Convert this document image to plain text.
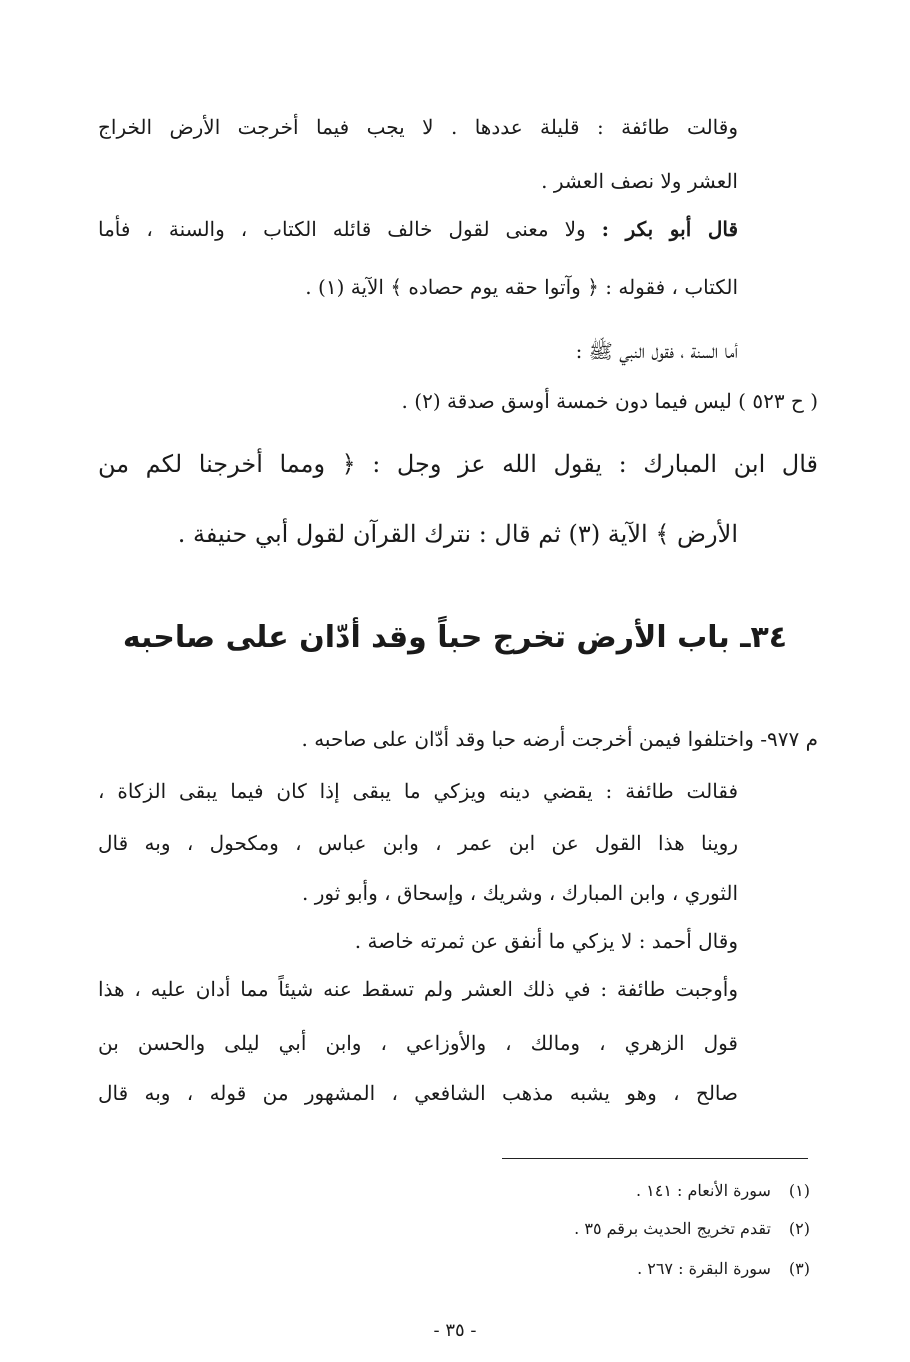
وقالت طائفة : قليلة عددها . لا يجب فيما أخرجت الأرض الخراج
العشر ولا نصف العشر .
قال أبو بكر : ولا معنى لقول خالف قائله الكتاب ، والسنة ، فأما
الكتاب ، فقوله : ﴿ وآتوا حقه يوم حصاده ﴾ الآية (١) .
أما السنة ، فقول النبي ﷺ :
( ح ٥٢٣ ) ليس فيما دون خمسة أوسق صدقة (٢) .
قال ابن المبارك : يقول الله عز وجل : ﴿ ومما أخرجنا لكم من
الأرض ﴾ الآية (٣) ثم قال : نترك القرآن لقول أبي حنيفة .
٣٤ـ باب الأرض تخرج حباً وقد أدّان على صاحبه
م ٩٧٧- واختلفوا فيمن أخرجت أرضه حبا وقد أدّان على صاحبه .
فقالت طائفة : يقضي دينه ويزكي ما يبقى إذا كان فيما يبقى الزكاة ،
روينا هذا القول عن ابن عمر ، وابن عباس ، ومكحول ، وبه قال
الثوري ، وابن المبارك ، وشريك ، وإسحاق ، وأبو ثور .
وقال أحمد : لا يزكي ما أنفق عن ثمرته خاصة .
وأوجبت طائفة : في ذلك العشر ولم تسقط عنه شيئاً مما أدان عليه ، هذا
قول الزهري ، ومالك ، والأوزاعي ، وابن أبي ليلى والحسن بن
صالح ، وهو يشبه مذهب الشافعي ، المشهور من قوله ، وبه قال
(١) سورة الأنعام : ١٤١ .
(٢) تقدم تخريج الحديث برقم ٣٥ .
(٣) سورة البقرة : ٢٦٧ .
- ٣٥ -
